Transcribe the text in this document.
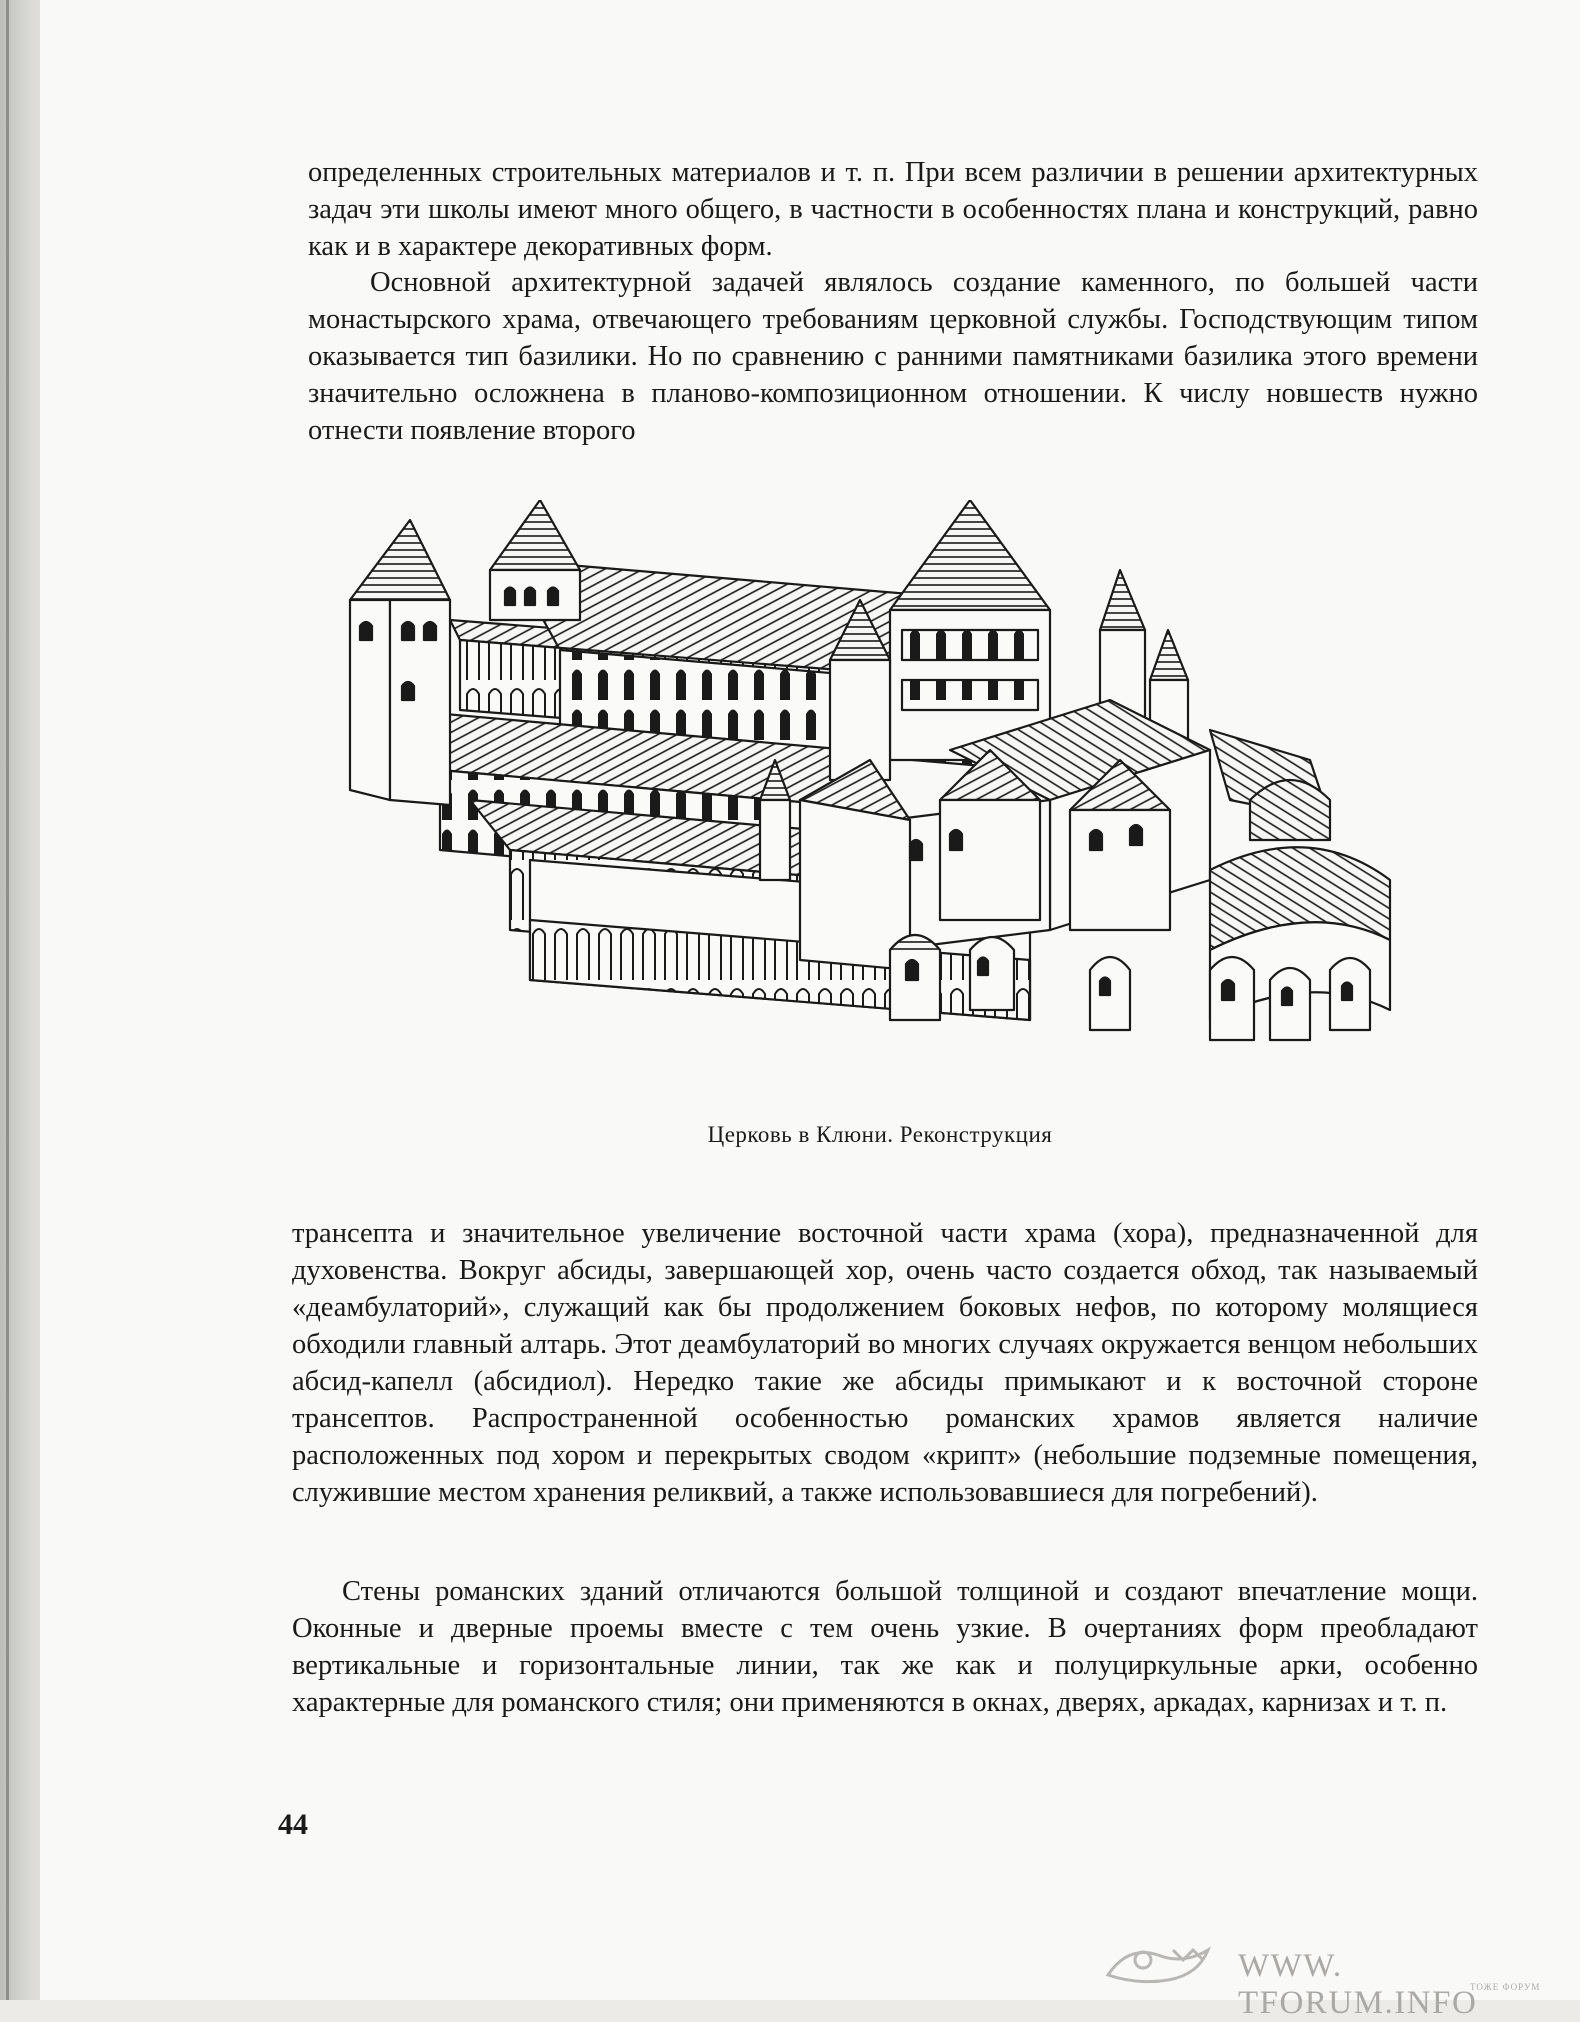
определенных строительных материалов и т. п. При всем различии в решении архитектурных задач эти школы имеют много общего, в частности в особенностях плана и конструкций, равно как и в характере декоративных форм.

Основной архитектурной задачей являлось создание каменного, по большей части монастырского храма, отвечающего требованиям церковной службы. Господствующим типом оказывается тип базилики. Но по сравнению с ранними памятниками базилика этого времени значительно осложнена в планово-композиционном отношении. К числу новшеств нужно отнести появление второго

Церковь в Клюни. Реконструкция

трансепта и значительное увеличение восточной части храма (хора), предназначенной для духовенства. Вокруг абсиды, завершающей хор, очень часто создается обход, так называемый «деамбулаторий», служащий как бы продолжением боковых нефов, по которому молящиеся обходили главный алтарь. Этот деамбулаторий во многих случаях окружается венцом небольших абсид-капелл (абсидиол). Нередко такие же абсиды примыкают и к восточной стороне трансептов. Распространенной особенностью романских храмов является наличие расположенных под хором и перекрытых сводом «крипт» (небольшие подземные помещения, служившие местом хранения реликвий, а также использовавшиеся для погребений).

Стены романских зданий отличаются большой толщиной и создают впечатление мощи. Оконные и дверные проемы вместе с тем очень узкие. В очертаниях форм преобладают вертикальные и горизонтальные линии, так же как и полуциркульные арки, особенно характерные для романского стиля; они применяются в окнах, дверях, аркадах, карнизах и т. п.

44

WWW. TFORUM.INFO
ТОЖЕ ФОРУМ
